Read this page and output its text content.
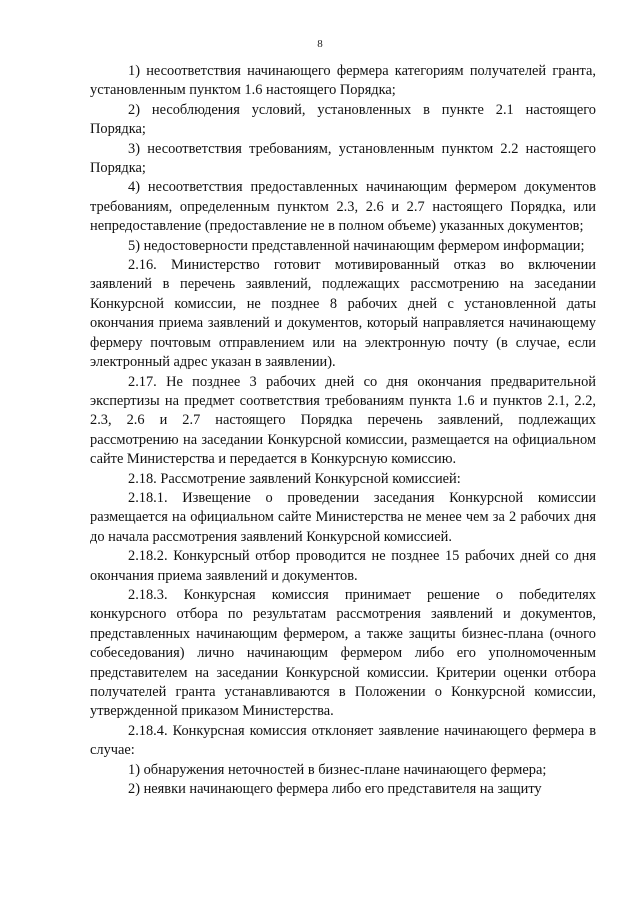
8

1) несоответствия начинающего фермера категориям получателей гранта, установленным пунктом 1.6 настоящего Порядка;

2) несоблюдения условий, установленных в пункте 2.1 настоящего Порядка;

3) несоответствия требованиям, установленным пунктом 2.2 настоящего Порядка;

4) несоответствия предоставленных начинающим фермером документов требованиям, определенным пунктом 2.3, 2.6 и 2.7 настоящего Порядка, или непредоставление (предоставление не в полном объеме) указанных документов;

5) недостоверности представленной начинающим фермером информации;

2.16. Министерство готовит мотивированный отказ во включении заявлений в перечень заявлений, подлежащих рассмотрению на заседании Конкурсной комиссии, не позднее 8 рабочих дней с установленной даты окончания приема заявлений и документов, который направляется начинающему фермеру почтовым отправлением или на электронную почту (в случае, если электронный адрес указан в заявлении).

2.17. Не позднее 3 рабочих дней со дня окончания предварительной экспертизы на предмет соответствия требованиям пункта 1.6 и пунктов 2.1, 2.2, 2.3, 2.6 и 2.7 настоящего Порядка перечень заявлений, подлежащих рассмотрению на заседании Конкурсной комиссии, размещается на официальном сайте Министерства и передается в Конкурсную комиссию.

2.18. Рассмотрение заявлений Конкурсной комиссией:

2.18.1. Извещение о проведении заседания Конкурсной комиссии размещается на официальном сайте Министерства не менее чем за 2 рабочих дня до начала рассмотрения заявлений Конкурсной комиссией.

2.18.2. Конкурсный отбор проводится не позднее 15 рабочих дней со дня окончания приема заявлений и документов.

2.18.3. Конкурсная комиссия принимает решение о победителях конкурсного отбора по результатам рассмотрения заявлений и документов, представленных начинающим фермером, а также защиты бизнес-плана (очного собеседования) лично начинающим фермером либо его уполномоченным представителем на заседании Конкурсной комиссии. Критерии оценки отбора получателей гранта устанавливаются в Положении о Конкурсной комиссии, утвержденной приказом Министерства.

2.18.4. Конкурсная комиссия отклоняет заявление начинающего фермера в случае:

1) обнаружения неточностей в бизнес-плане начинающего фермера;

2) неявки начинающего фермера либо его представителя на защиту
